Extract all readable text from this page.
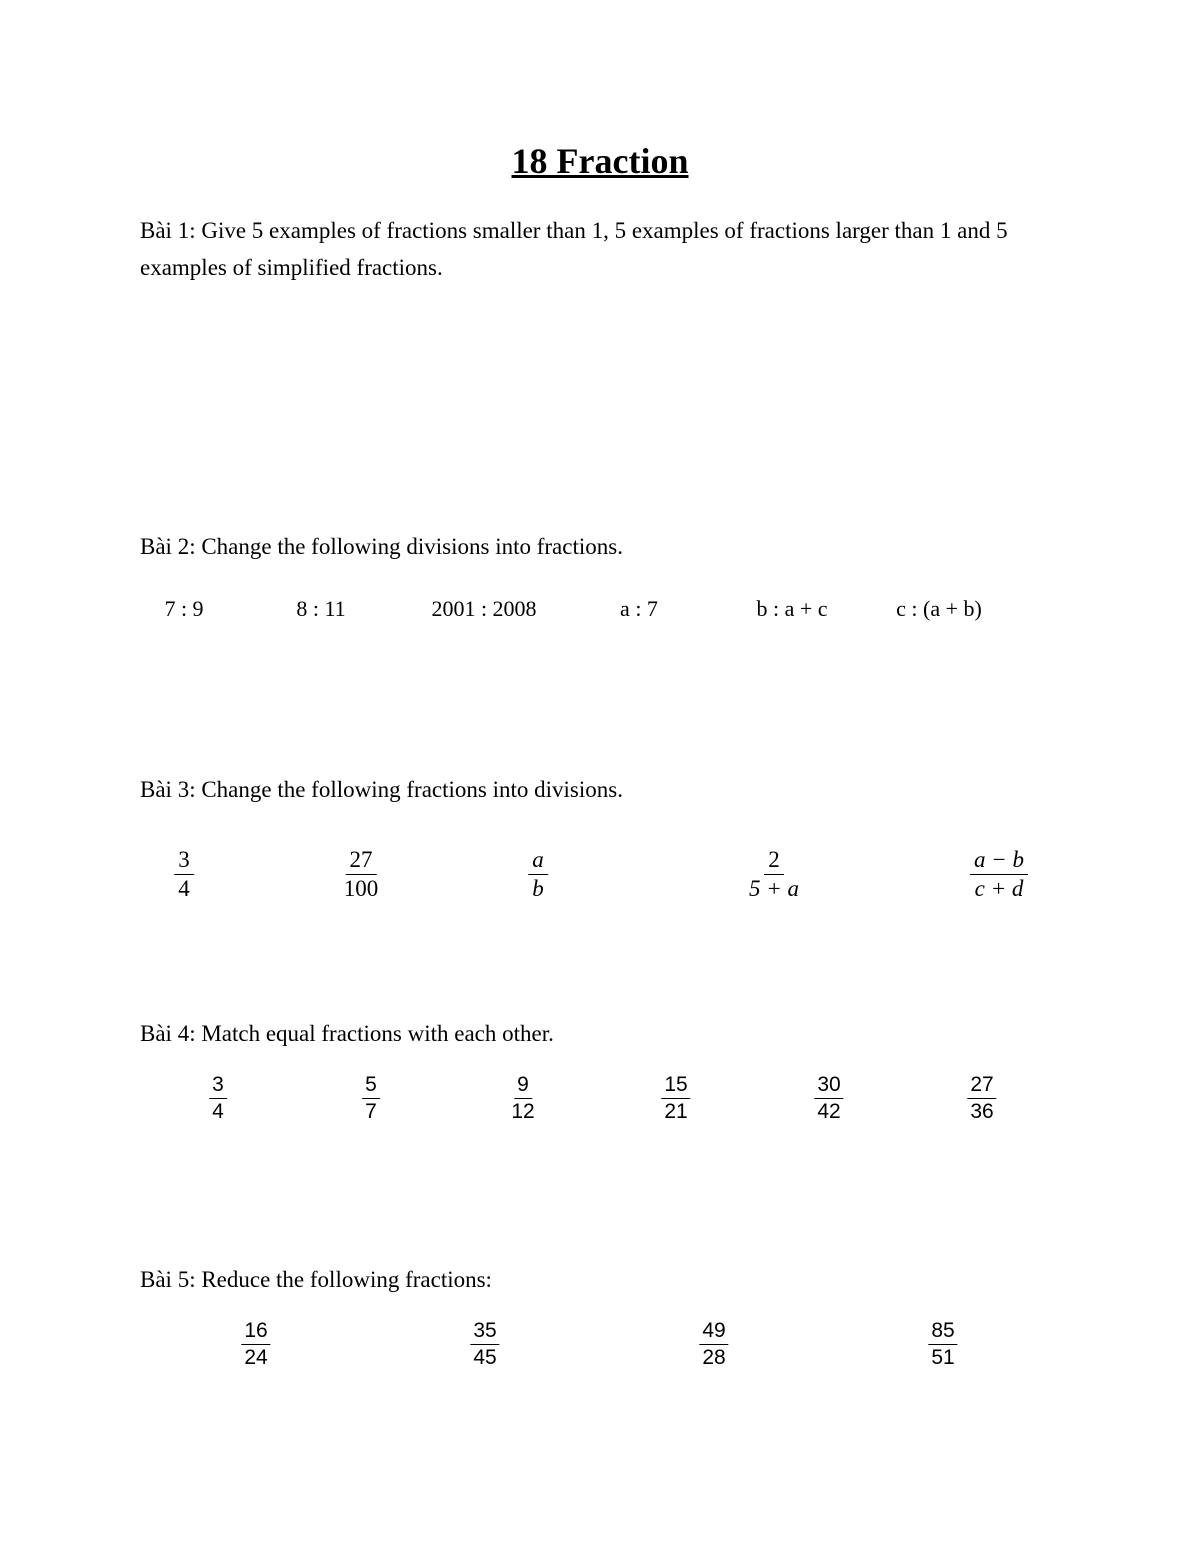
18 Fraction
Bài 1: Give 5 examples of fractions smaller than 1, 5 examples of fractions larger than 1 and 5 examples of simplified fractions.
Bài 2: Change the following divisions into fractions.
7 : 9	8 : 11	2001 : 2008	a : 7	b : a + c	c : (a + b)
Bài 3: Change the following fractions into divisions.
$\frac{3}{4}$	$\frac{27}{100}$	$\frac{a}{b}$	$\frac{2}{5 + a}$	$\frac{a - b}{c + d}$
Bài 4: Match equal fractions with each other.
$\frac{3}{4}$	$\frac{5}{7}$	$\frac{9}{12}$	$\frac{15}{21}$	$\frac{30}{42}$	$\frac{27}{36}$
Bài 5: Reduce the following fractions:
$\frac{16}{24}$	$\frac{35}{45}$	$\frac{49}{28}$	$\frac{85}{51}$
